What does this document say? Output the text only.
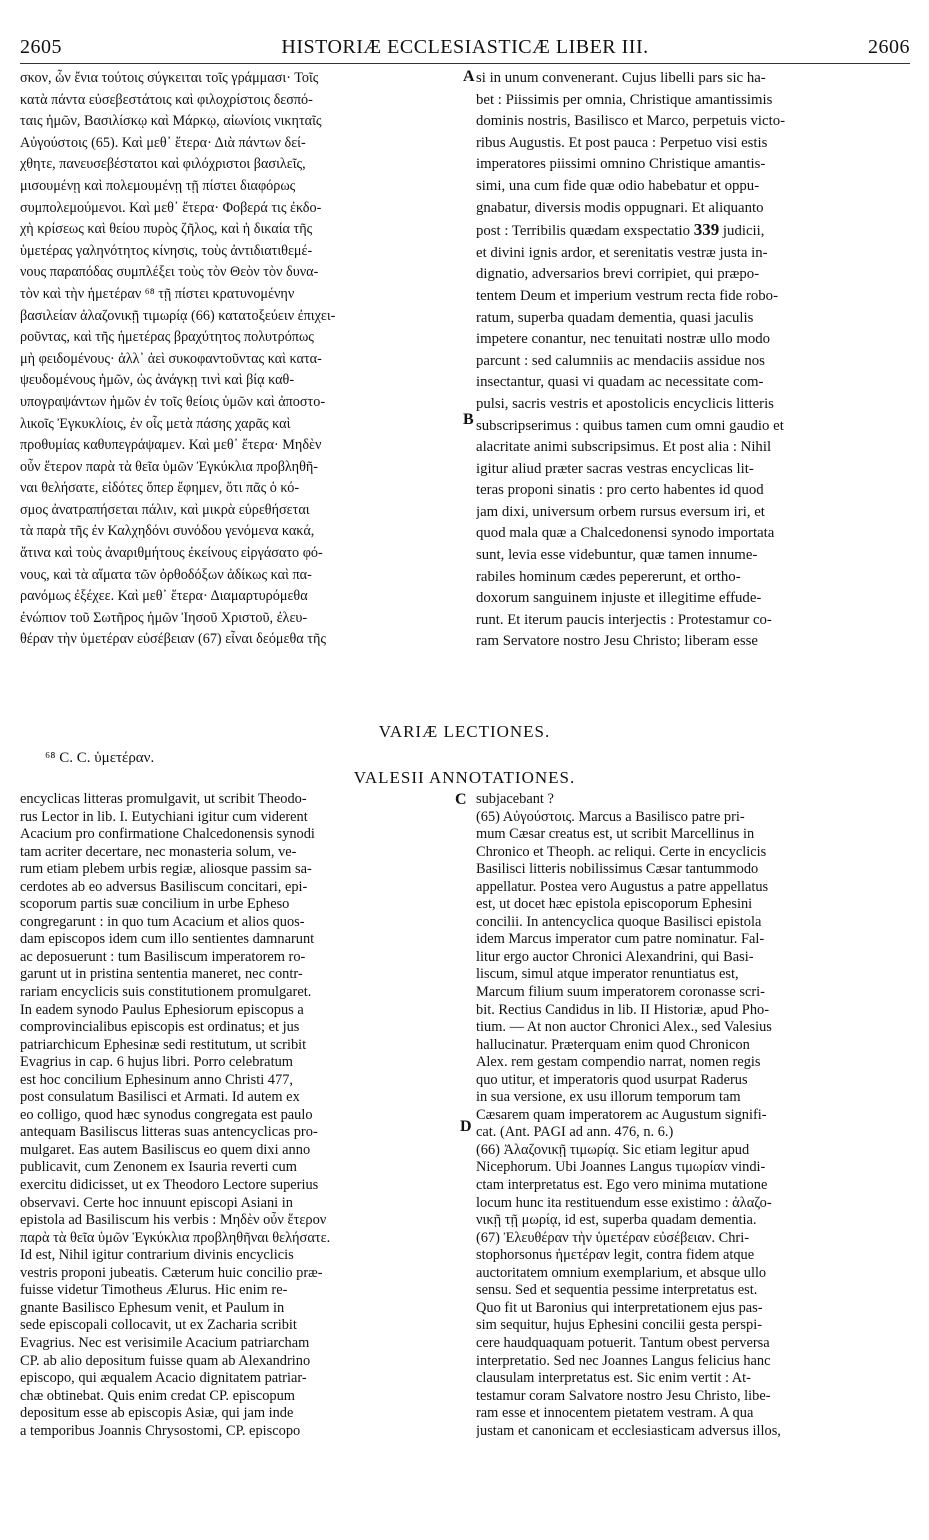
2605	HISTORIÆ ECCLESIASTICÆ LIBER III.	2606
σκον, ὧν ἔνια τούτοις σύγκειται τοῖς γράμμασι· Τοῖς
κατὰ πάντα εὐσεβεστάτοις καὶ φιλοχρίστοις δεσπό-
ταις ἡμῶν, Βασιλίσκῳ καὶ Μάρκῳ, αἰωνίοις νικηταῖς
Αὐγούστοις (65). Καὶ μεθ᾽ ἕτερα· Διὰ πάντων δεί-
χθητε, πανευσεβέστατοι καὶ φιλόχριστοι βασιλεῖς,
μισουμένῃ καὶ πολεμουμένῃ τῇ πίστει διαφόρως
συμπολεμούμενοι. Καὶ μεθ᾽ ἕτερα· Φοβερά τις ἐκδο-
χὴ κρίσεως καὶ θείου πυρὸς ζῆλος, καὶ ἡ δικαία τῆς
ὑμετέρας γαληνότητος κίνησις, τοὺς ἀντιδιατιθεμέ-
νους παραπόδας συμπλέξει τοὺς τὸν Θεὸν τὸν δυνα-
τὸν καὶ τὴν ἡμετέραν ⁶⁸ τῇ πίστει κρατυνομένην
βασιλείαν ἀλαζονικῇ τιμωρίᾳ (66) κατατοξεύειν ἐπιχει-
ροῦντας, καὶ τῆς ἡμετέρας βραχύτητος πολυτρόπως
μὴ φειδομένους· ἀλλ᾽ ἀεὶ συκοφαντοῦντας καὶ κατα-
ψευδομένους ἡμῶν, ὡς ἀνάγκῃ τινὶ καὶ βίᾳ καθ-
υπογραψάντων ἡμῶν ἐν τοῖς θείοις ὑμῶν καὶ ἀποστο-
λικοῖς Ἐγκυκλίοις, ἐν οἷς μετὰ πάσης χαρᾶς καὶ
προθυμίας καθυπεγράψαμεν. Καὶ μεθ᾽ ἕτερα· Μηδὲν
οὖν ἕτερον παρὰ τὰ θεῖα ὑμῶν Ἐγκύκλια προβληθῆ-
ναι θελήσατε, εἰδότες ὅπερ ἔφημεν, ὅτι πᾶς ὁ κό-
σμος ἀνατραπήσεται πάλιν, καὶ μικρὰ εὑρεθήσεται
τὰ παρὰ τῆς ἐν Καλχηδόνι συνόδου γενόμενα κακά,
ἅτινα καὶ τοὺς ἀναριθμήτους ἐκείνους εἰργάσατο φό-
νους, καὶ τὰ αἵματα τῶν ὀρθοδόξων ἀδίκως καὶ πα-
ρανόμως ἐξέχεε. Καὶ μεθ᾽ ἕτερα· Διαμαρτυρόμεθα
ἐνώπιον τοῦ Σωτῆρος ἡμῶν Ἰησοῦ Χριστοῦ, ἐλευ-
θέραν τὴν ὑμετέραν εὐσέβειαν (67) εἶναι δεόμεθα τῆς
si in unum convenerant. Cujus libelli pars sic ha-
bet : Piissimis per omnia, Christique amantissimis
dominis nostris, Basilisco et Marco, perpetuis victo-
ribus Augustis. Et post pauca : Perpetuo visi estis
imperatores piissimi omnino Christique amantis-
simi, una cum fide quæ odio habebatur et oppu-
gnabatur, diversis modis oppugnari. Et aliquanto
post : Terribilis quædam exspectatio 339 judicii,
et divini ignis ardor, et serenitatis vestræ justa in-
dignatio, adversarios brevi corripiet, qui præpo-
tentem Deum et imperium vestrum recta fide robo-
ratum, superba quadam dementia, quasi jaculis
impetere conantur, nec tenuitati nostræ ullo modo
parcunt : sed calumniis ac mendaciis assidue nos
insectantur, quasi vi quadam ac necessitate com-
pulsi, sacris vestris et apostolicis encyclicis litteris
subscripserimus : quibus tamen cum omni gaudio et
alacritate animi subscripsimus. Et post alia : Nihil
igitur aliud præter sacras vestras encyclicas lit-
teras proponi sinatis : pro certo habentes id quod
jam dixi, universum orbem rursus eversum iri, et
quod mala quæ a Chalcedonensi synodo importata
sunt, levia esse videbuntur, quæ tamen innume-
rabiles hominum cædes pepererunt, et ortho-
doxorum sanguinem injuste et illegitime effude-
runt. Et iterum paucis interjectis : Protestamur co-
ram Servatore nostro Jesu Christo; liberam esse
A
B
C
D
VARIÆ LECTIONES.
⁶⁸ C. C. ὑμετέραν.
VALESII ANNOTATIONES.
encyclicas litteras promulgavit, ut scribit Theodo-
rus Lector in lib. I. Eutychiani igitur cum viderent
Acacium pro confirmatione Chalcedonensis synodi
tam acriter decertare, nec monasteria solum, ve-
rum etiam plebem urbis regiæ, aliosque passim sa-
cerdotes ab eo adversus Basiliscum concitari, epi-
scoporum partis suæ concilium in urbe Epheso
congregarunt : in quo tum Acacium et alios quos-
dam episcopos idem cum illo sentientes damnarunt
ac deposuerunt : tum Basiliscum imperatorem ro-
garunt ut in pristina sententia maneret, nec contr-
rariam encyclicis suis constitutionem promulgaret.
In eadem synodo Paulus Ephesiorum episcopus a
comprovincialibus episcopis est ordinatus; et jus
patriarchicum Ephesinæ sedi restitutum, ut scribit
Evagrius in cap. 6 hujus libri. Porro celebratum
est hoc concilium Ephesinum anno Christi 477,
post consulatum Basilisci et Armati. Id autem ex
eo colligo, quod hæc synodus congregata est paulo
antequam Basiliscus litteras suas antencyclicas pro-
mulgaret. Eas autem Basiliscus eo quem dixi anno
publicavit, cum Zenonem ex Isauria reverti cum
exercitu didicisset, ut ex Theodoro Lectore superius
observavi. Certe hoc innuunt episcopi Asiani in
epistola ad Basiliscum his verbis : Μηδὲν οὖν ἕτερον
παρὰ τὰ θεῖα ὑμῶν Ἐγκύκλια προβληθῆναι θελήσατε.
Id est, Nihil igitur contrarium divinis encyclicis
vestris proponi jubeatis. Cæterum huic concilio præ-
fuisse videtur Timotheus Ælurus. Hic enim re-
gnante Basilisco Ephesum venit, et Paulum in
sede episcopali collocavit, ut ex Zacharia scribit
Evagrius. Nec est verisimile Acacium patriarcham
CP. ab alio depositum fuisse quam ab Alexandrino
episcopo, qui æqualem Acacio dignitatem patriar-
chæ obtinebat. Quis enim credat CP. episcopum
depositum esse ab episcopis Asiæ, qui jam inde
a temporibus Joannis Chrysostomi, CP. episcopo
subjacebant ?
(65) Αὐγούστοις. Marcus a Basilisco patre pri-
mum Cæsar creatus est, ut scribit Marcellinus in
Chronico et Theoph. ac reliqui. Certe in encyclicis
Basilisci litteris nobilissimus Cæsar tantummodo
appellatur. Postea vero Augustus a patre appellatus
est, ut docet hæc epistola episcoporum Ephesini
concilii. In antencyclica quoque Basilisci epistola
idem Marcus imperator cum patre nominatur. Fal-
litur ergo auctor Chronici Alexandrini, qui Basi-
liscum, simul atque imperator renuntiatus est,
Marcum filium suum imperatorem coronasse scri-
bit. Rectius Candidus in lib. II Historiæ, apud Pho-
tium. — At non auctor Chronici Alex., sed Valesius
hallucinatur. Præterquam enim quod Chronicon
Alex. rem gestam compendio narrat, nomen regis
quo utitur, et imperatoris quod usurpat Raderus
in sua versione, ex usu illorum temporum tam
Cæsarem quam imperatorem ac Augustum signifi-
cat. (Ant. PAGI ad ann. 476, n. 6.)
(66) Ἀλαζονικῇ τιμωρίᾳ. Sic etiam legitur apud
Nicephorum. Ubi Joannes Langus τιμωρίαν vindi-
ctam interpretatus est. Ego vero minima mutatione
locum hunc ita restituendum esse existimo : ἀλαζο-
νικῇ τῇ μωρίᾳ, id est, superba quadam dementia.
(67) Ἐλευθέραν τὴν ὑμετέραν εὐσέβειαν. Chri-
stophorsonus ἡμετέραν legit, contra fidem atque
auctoritatem omnium exemplarium, et absque ullo
sensu. Sed et sequentia pessime interpretatus est.
Quo fit ut Baronius qui interpretationem ejus pas-
sim sequitur, hujus Ephesini concilii gesta perspi-
cere haudquaquam potuerit. Tantum obest perversa
interpretatio. Sed nec Joannes Langus felicius hanc
clausulam interpretatus est. Sic enim vertit : At-
testamur coram Salvatore nostro Jesu Christo, libe-
ram esse et innocentem pietatem vestram. A qua
justam et canonicam et ecclesiasticam adversus illos,
